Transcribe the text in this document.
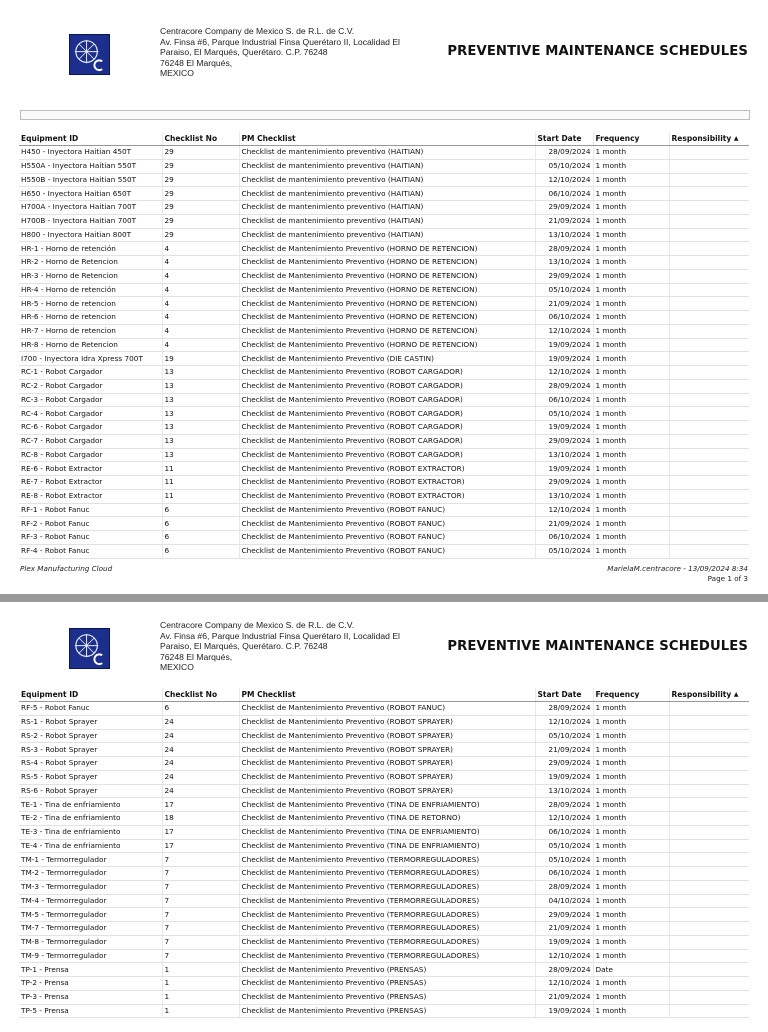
Centracore Company de Mexico S. de R.L. de C.V.
Av. Finsa #6, Parque Industrial Finsa Querétaro II, Localidad El
Paraiso, El Marqués, Querétaro. C.P. 76248
76248 El Marqués,
MEXICO
PREVENTIVE MAINTENANCE SCHEDULES
Equipment ID	Checklist No	PM Checklist	Start Date	Frequency	Responsibility ▲
H450 - Inyectora Haitian 450T	29	Checklist de mantenimiento preventivo (HAITIAN)	28/09/2024	1 month	
H550A - Inyectora Haitian 550T	29	Checklist de mantenimiento preventivo (HAITIAN)	05/10/2024	1 month	
H550B - Inyectora Haitian 550T	29	Checklist de mantenimiento preventivo (HAITIAN)	12/10/2024	1 month	
H650 - Inyectora Haitian 650T	29	Checklist de mantenimiento preventivo (HAITIAN)	06/10/2024	1 month	
H700A - Inyectora Haitian 700T	29	Checklist de mantenimiento preventivo (HAITIAN)	29/09/2024	1 month	
H700B - Inyectora Haitian 700T	29	Checklist de mantenimiento preventivo (HAITIAN)	21/09/2024	1 month	
H800 - Inyectora Haitian 800T	29	Checklist de mantenimiento preventivo (HAITIAN)	13/10/2024	1 month	
HR-1 - Horno de retención	4	Checklist de Mantenimiento Preventivo (HORNO DE RETENCION)	28/09/2024	1 month	
HR-2 - Horno de Retencion	4	Checklist de Mantenimiento Preventivo (HORNO DE RETENCION)	13/10/2024	1 month	
HR-3 - Horno de Retencion	4	Checklist de Mantenimiento Preventivo (HORNO DE RETENCION)	29/09/2024	1 month	
HR-4 - Horno de retención	4	Checklist de Mantenimiento Preventivo (HORNO DE RETENCION)	05/10/2024	1 month	
HR-5 - Horno de retencion	4	Checklist de Mantenimiento Preventivo (HORNO DE RETENCION)	21/09/2024	1 month	
HR-6 - Horno de retencion	4	Checklist de Mantenimiento Preventivo (HORNO DE RETENCION)	06/10/2024	1 month	
HR-7 - Horno de retencion	4	Checklist de Mantenimiento Preventivo (HORNO DE RETENCION)	12/10/2024	1 month	
HR-8 - Horno de Retencion	4	Checklist de Mantenimiento Preventivo (HORNO DE RETENCION)	19/09/2024	1 month	
I700 - Inyectora Idra Xpress 700T	19	Checklist de Mantenimiento Preventivo (DIE CASTIN)	19/09/2024	1 month	
RC-1 - Robot Cargador	13	Checklist de Mantenimiento Preventivo (ROBOT CARGADOR)	12/10/2024	1 month	
RC-2 - Robot Cargador	13	Checklist de Mantenimiento Preventivo (ROBOT CARGADOR)	28/09/2024	1 month	
RC-3 - Robot Cargador	13	Checklist de Mantenimiento Preventivo (ROBOT CARGADOR)	06/10/2024	1 month	
RC-4 - Robot Cargador	13	Checklist de Mantenimiento Preventivo (ROBOT CARGADOR)	05/10/2024	1 month	
RC-6 - Robot Cargador	13	Checklist de Mantenimiento Preventivo (ROBOT CARGADOR)	19/09/2024	1 month	
RC-7 - Robot Cargador	13	Checklist de Mantenimiento Preventivo (ROBOT CARGADOR)	29/09/2024	1 month	
RC-8 - Robot Cargador	13	Checklist de Mantenimiento Preventivo (ROBOT CARGADOR)	13/10/2024	1 month	
RE-6 - Robot Extractor	11	Checklist de Mantenimiento Preventivo (ROBOT EXTRACTOR)	19/09/2024	1 month	
RE-7 - Robot Extractor	11	Checklist de Mantenimiento Preventivo (ROBOT EXTRACTOR)	29/09/2024	1 month	
RE-8 - Robot Extractor	11	Checklist de Mantenimiento Preventivo (ROBOT EXTRACTOR)	13/10/2024	1 month	
RF-1 - Robot Fanuc	6	Checklist de Mantenimiento Preventivo (ROBOT FANUC)	12/10/2024	1 month	
RF-2 - Robot Fanuc	6	Checklist de Mantenimiento Preventivo (ROBOT FANUC)	21/09/2024	1 month	
RF-3 - Robot Fanuc	6	Checklist de Mantenimiento Preventivo (ROBOT FANUC)	06/10/2024	1 month	
RF-4 - Robot Fanuc	6	Checklist de Mantenimiento Preventivo (ROBOT FANUC)	05/10/2024	1 month	
Plex Manufacturing Cloud	MarielaM.centracore - 13/09/2024 8:34
Page 1 of 3
Centracore Company de Mexico S. de R.L. de C.V.
Av. Finsa #6, Parque Industrial Finsa Querétaro II, Localidad El
Paraiso, El Marqués, Querétaro. C.P. 76248
76248 El Marqués,
MEXICO
PREVENTIVE MAINTENANCE SCHEDULES
Equipment ID	Checklist No	PM Checklist	Start Date	Frequency	Responsibility ▲
RF-5 - Robot Fanuc	6	Checklist de Mantenimiento Preventivo (ROBOT FANUC)	28/09/2024	1 month	
RS-1 - Robot Sprayer	24	Checklist de Mantenimiento Preventivo (ROBOT SPRAYER)	12/10/2024	1 month	
RS-2 - Robot Sprayer	24	Checklist de Mantenimiento Preventivo (ROBOT SPRAYER)	05/10/2024	1 month	
RS-3 - Robot Sprayer	24	Checklist de Mantenimiento Preventivo (ROBOT SPRAYER)	21/09/2024	1 month	
RS-4 - Robot Sprayer	24	Checklist de Mantenimiento Preventivo (ROBOT SPRAYER)	29/09/2024	1 month	
RS-5 - Robot Sprayer	24	Checklist de Mantenimiento Preventivo (ROBOT SPRAYER)	19/09/2024	1 month	
RS-6 - Robot Sprayer	24	Checklist de Mantenimiento Preventivo (ROBOT SPRAYER)	13/10/2024	1 month	
TE-1 - Tina de enfriamiento	17	Checklist de Mantenimiento Preventivo (TINA DE ENFRIAMIENTO)	28/09/2024	1 month	
TE-2 - Tina de enfriamiento	18	Checklist de Mantenimiento Preventivo (TINA DE RETORNO)	12/10/2024	1 month	
TE-3 - Tina de enfriamiento	17	Checklist de Mantenimiento Preventivo (TINA DE ENFRIAMIENTO)	06/10/2024	1 month	
TE-4 - Tina de enfriamiento	17	Checklist de Mantenimiento Preventivo (TINA DE ENFRIAMIENTO)	05/10/2024	1 month	
TM-1 - Termorregulador	7	Checklist de Mantenimiento Preventivo (TERMORREGULADORES)	05/10/2024	1 month	
TM-2 - Termorregulador	7	Checklist de Mantenimiento Preventivo (TERMORREGULADORES)	06/10/2024	1 month	
TM-3 - Termorregulador	7	Checklist de Mantenimiento Preventivo (TERMORREGULADORES)	28/09/2024	1 month	
TM-4 - Termorregulador	7	Checklist de Mantenimiento Preventivo (TERMORREGULADORES)	04/10/2024	1 month	
TM-5 - Termorregulador	7	Checklist de Mantenimiento Preventivo (TERMORREGULADORES)	29/09/2024	1 month	
TM-7 - Termorregulador	7	Checklist de Mantenimiento Preventivo (TERMORREGULADORES)	21/09/2024	1 month	
TM-8 - Termorregulador	7	Checklist de Mantenimiento Preventivo (TERMORREGULADORES)	19/09/2024	1 month	
TM-9 - Termorregulador	7	Checklist de Mantenimiento Preventivo (TERMORREGULADORES)	12/10/2024	1 month	
TP-1 - Prensa	1	Checklist de Mantenimiento Preventivo (PRENSAS)	28/09/2024	Date	
TP-2 - Prensa	1	Checklist de Mantenimiento Preventivo (PRENSAS)	12/10/2024	1 month	
TP-3 - Prensa	1	Checklist de Mantenimiento Preventivo (PRENSAS)	21/09/2024	1 month	
TP-5 - Prensa	1	Checklist de Mantenimiento Preventivo (PRENSAS)	19/09/2024	1 month	
